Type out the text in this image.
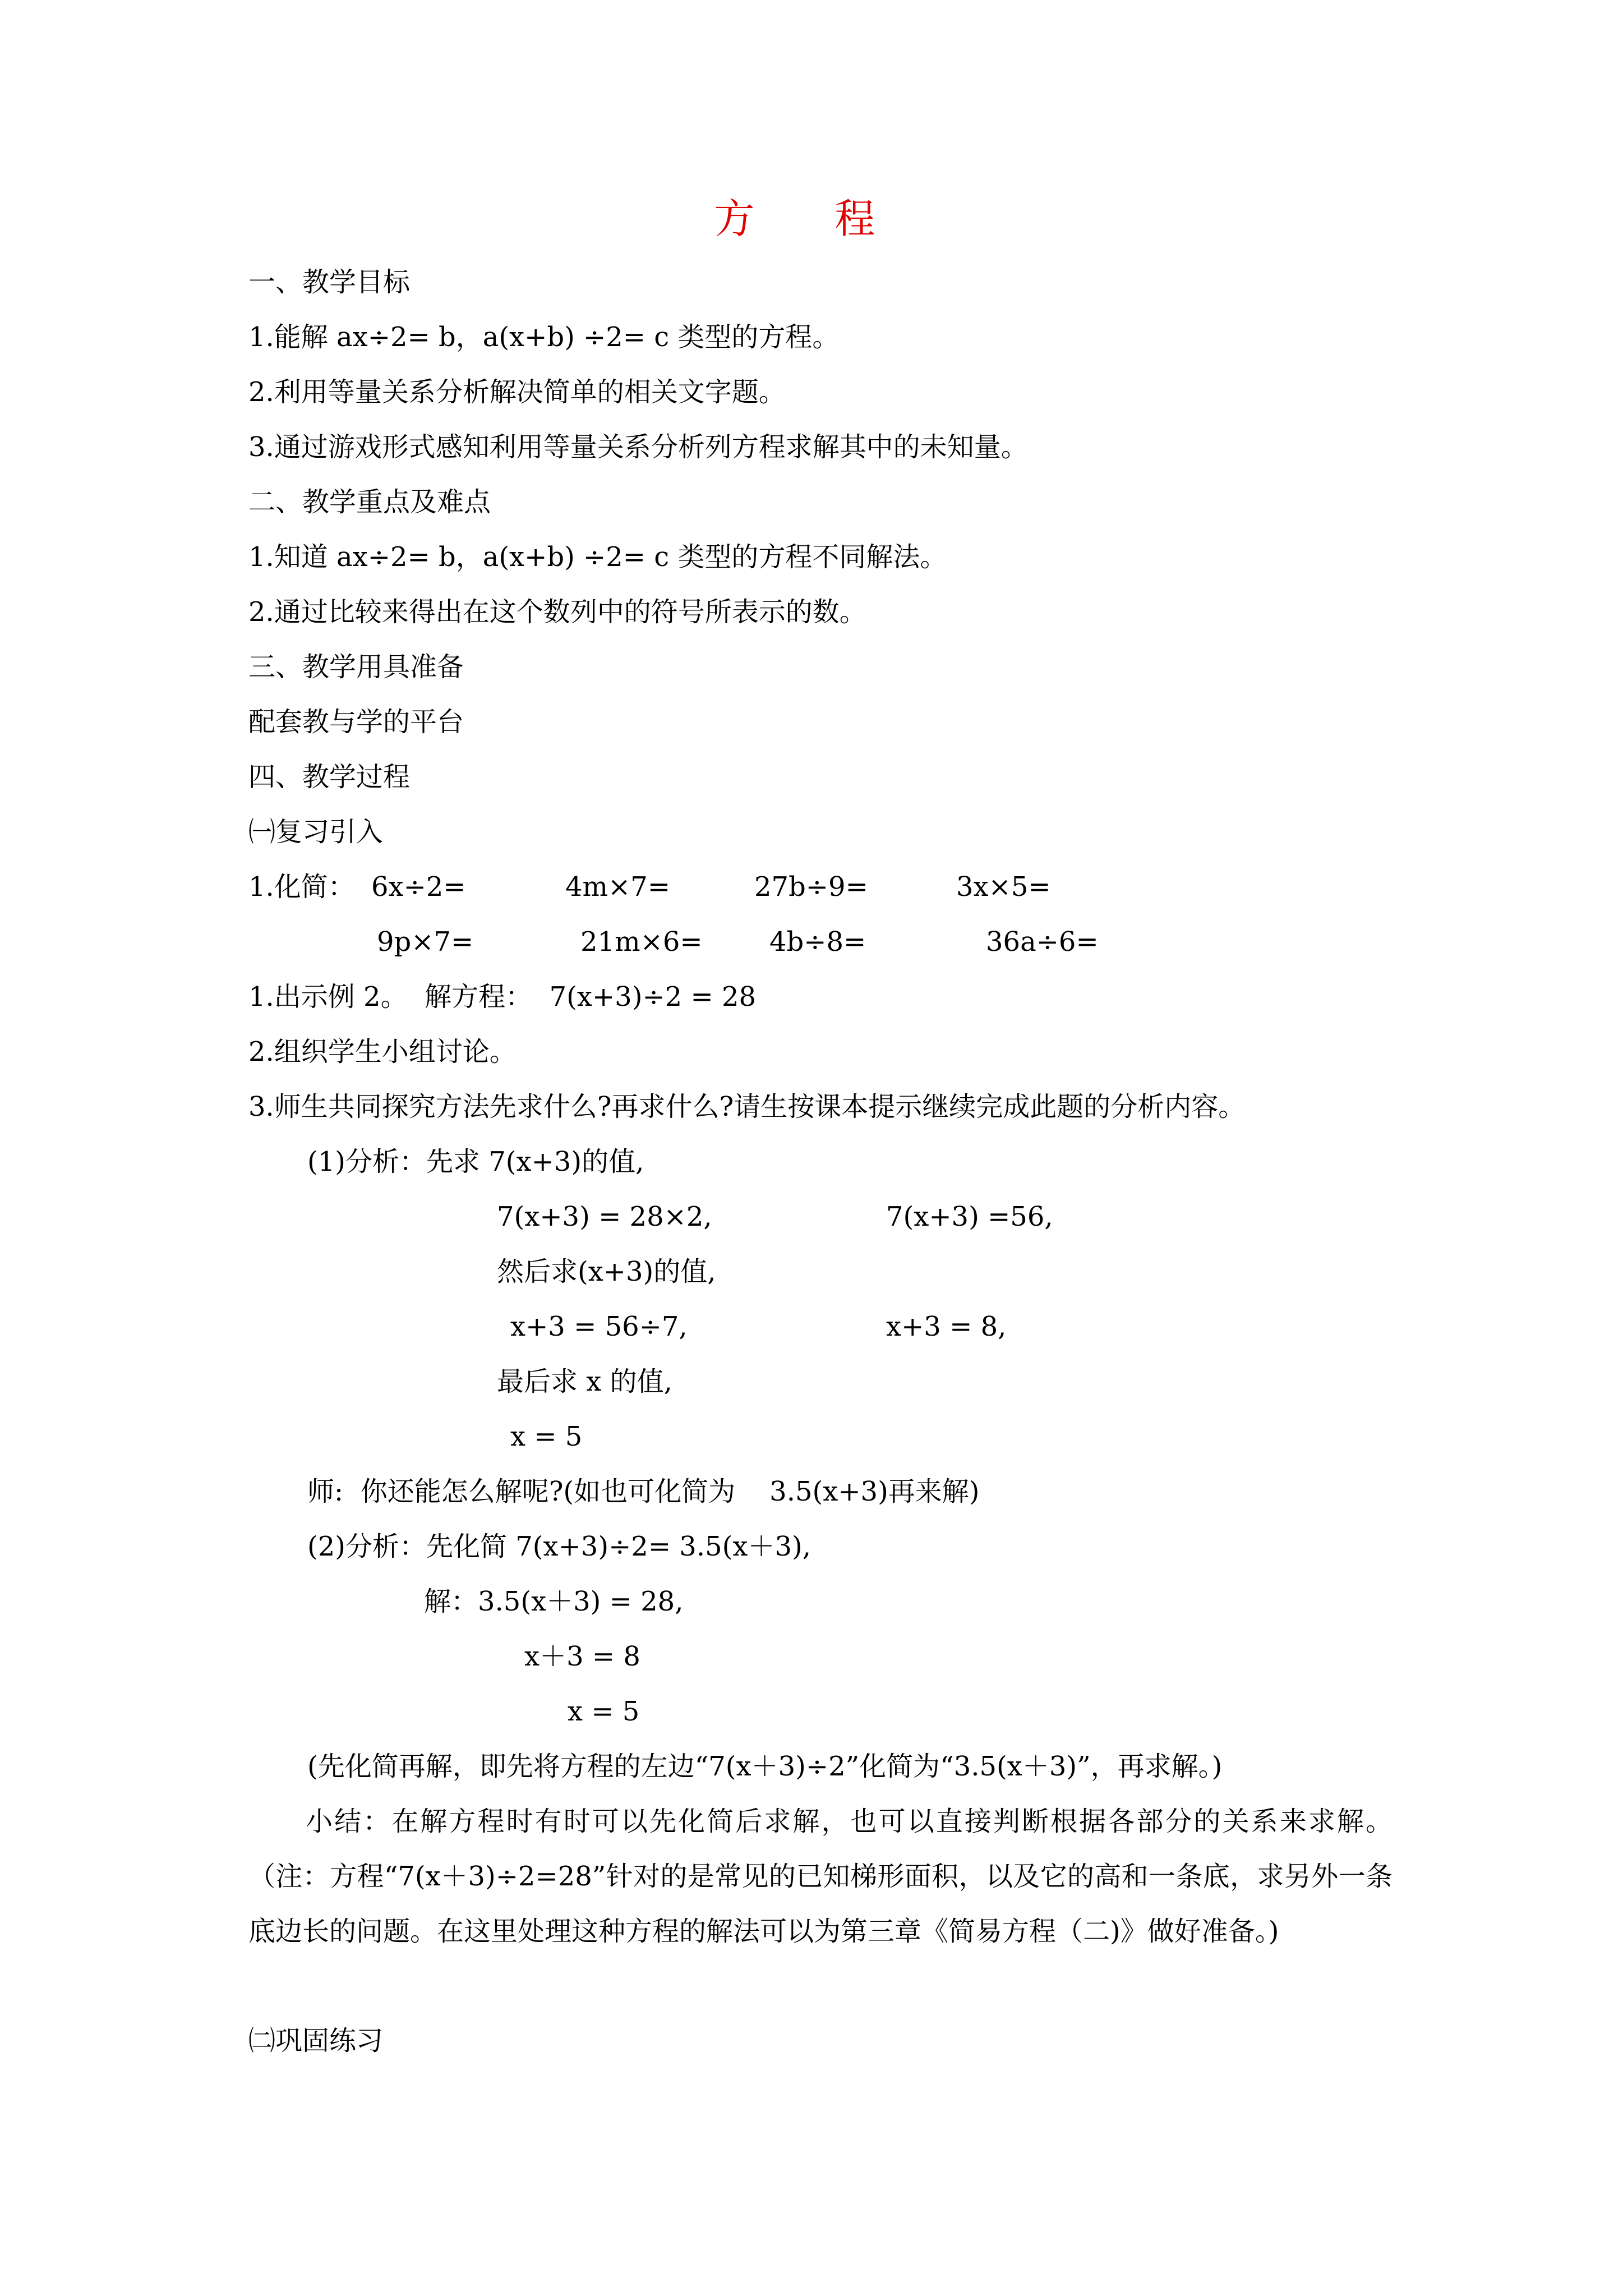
方 程
一、教学目标
1.能解 ax÷2= b，a(x+b) ÷2= c 类型的方程。
2.利用等量关系分析解决简单的相关文字题。
3.通过游戏形式感知利用等量关系分析列方程求解其中的未知量。
二、教学重点及难点
1.知道 ax÷2= b，a(x+b) ÷2= c 类型的方程不同解法。
2.通过比较来得出在这个数列中的符号所表示的数。
三、教学用具准备
配套教与学的平台
四、教学过程
㈠复习引入
1.化简： 6x÷2=	4m×7=	27b÷9=	3x×5=
9p×7=	21m×6= 4b÷8=	36a÷6=
1.出示例 2。  解方程：  7(x+3)÷2 = 28
2.组织学生小组讨论。
3.师生共同探究方法先求什么?再求什么?请生按课本提示继续完成此题的分析内容。
(1)分析：先求 7(x+3)的值,
7(x+3) = 28×2,	7(x+3) =56,
然后求(x+3)的值,
x+3 = 56÷7,	x+3 = 8,
最后求 x 的值,
x = 5
师:  你还能怎么解呢?(如也可化简为    3.5(x+3)再来解)
(2)分析：先化简 7(x+3)÷2= 3.5(x＋3),
解：3.5(x＋3) = 28,
x＋3 = 8
x = 5
(先化简再解，即先将方程的左边“7(x＋3)÷2”化简为“3.5(x＋3)”，再求解。)
小结：在解方程时有时可以先化简后求解，也可以直接判断根据各部分的关系来求解。（注：方程“7(x＋3)÷2=28”针对的是常见的已知梯形面积，以及它的高和一条底，求另外一条底边长的问题。在这里处理这种方程的解法可以为第三章《简易方程（二)》做好准备。)
㈡巩固练习
